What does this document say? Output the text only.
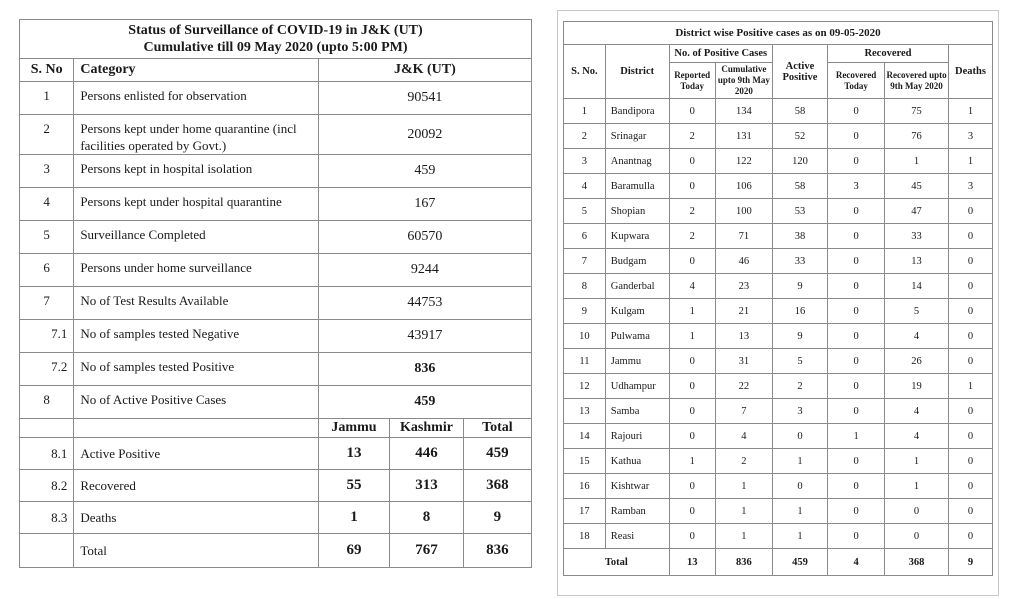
Status of Surveillance of COVID-19 in J&K (UT)
Cumulative till 09 May 2020 (upto 5:00 PM)				

S. No	Category	J&K (UT)		
1	Persons enlisted for observation	90541		
2	Persons kept under home quarantine (incl facilities operated by Govt.)	20092		
3	Persons kept in hospital isolation	459		
4	Persons kept under hospital quarantine	167		
5	Surveillance Completed	60570		
6	Persons under home surveillance	9244		
7	No of Test Results Available	44753		
7.1	No of samples tested Negative	43917		
7.2	No of samples tested Positive	836		
8	No of Active Positive Cases	459		
		Jammu	Kashmir	Total
8.1	Active Positive	13	446	459
8.2	Recovered	55	313	368
8.3	Deaths	1	8	9
	Total	69	767	836
District wise Positive cases as on 09-05-2020							
S. No.	District	No. of Positive Cases		Active Positive	Recovered		Deaths
		Reported Today	Cumulative upto 9th May 2020		Recovered Today	Recovered upto 9th May 2020	
1	Bandipora	0	134	58	0	75	1
2	Srinagar	2	131	52	0	76	3
3	Anantnag	0	122	120	0	1	1
4	Baramulla	0	106	58	3	45	3
5	Shopian	2	100	53	0	47	0
6	Kupwara	2	71	38	0	33	0
7	Budgam	0	46	33	0	13	0
8	Ganderbal	4	23	9	0	14	0
9	Kulgam	1	21	16	0	5	0
10	Pulwama	1	13	9	0	4	0
11	Jammu	0	31	5	0	26	0
12	Udhampur	0	22	2	0	19	1
13	Samba	0	7	3	0	4	0
14	Rajouri	0	4	0	1	4	0
15	Kathua	1	2	1	0	1	0
16	Kishtwar	0	1	0	0	1	0
17	Ramban	0	1	1	0	0	0
18	Reasi	0	1	1	0	0	0
Total		13	836	459	4	368	9
